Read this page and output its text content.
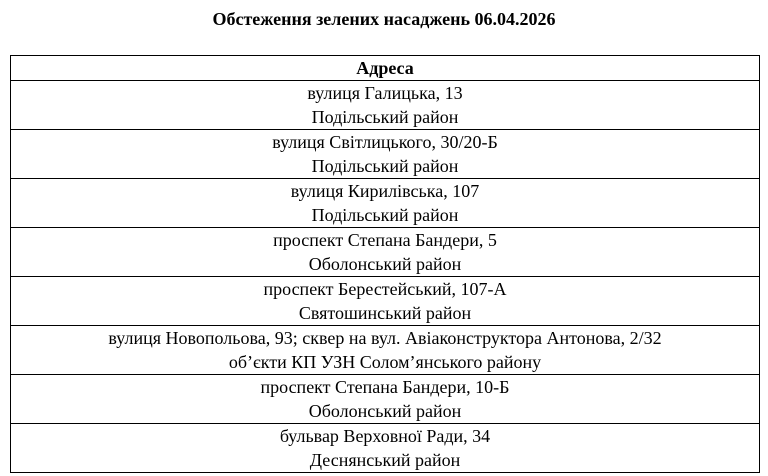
Обстеження зелених насаджень 06.04.2026
Адреса

вулиця Галицька, 13
Подільський район

вулиця Світлицького, 30/20-Б
Подільський район

вулиця Кирилівська, 107
Подільський район

проспект Степана Бандери, 5
Оболонський район

проспект Берестейський, 107-А
Святошинський район

вулиця Новопольова, 93; сквер на вул. Авіаконструктора Антонова, 2/32
об’єкти КП УЗН Солом’янського району

проспект Степана Бандери, 10-Б
Оболонський район

бульвар Верховної Ради, 34
Деснянський район
